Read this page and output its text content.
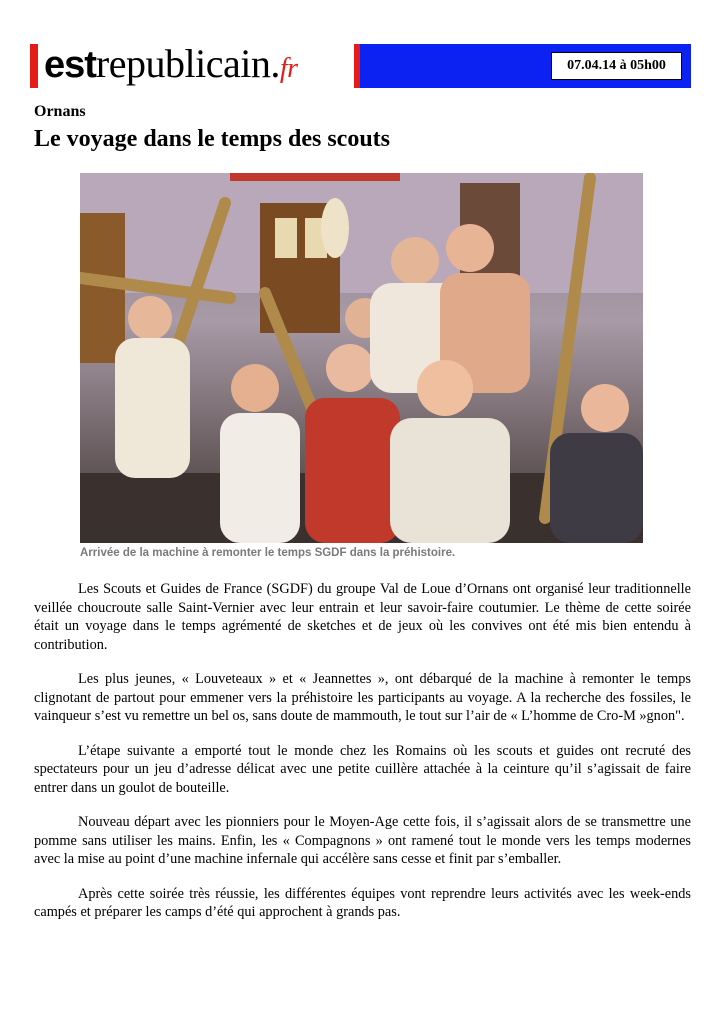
estrepublicain.fr	07.04.14 à 05h00
Ornans
Le voyage dans le temps des scouts
Arrivée de la machine à remonter le temps SGDF dans la préhistoire.

Les Scouts et Guides de France (SGDF) du groupe Val de Loue d’Ornans ont organisé leur traditionnelle veillée choucroute salle Saint-Vernier avec leur entrain et leur savoir-faire coutumier. Le thème de cette soirée était un voyage dans le temps agrémenté de sketches et de jeux où les convives ont été mis bien entendu à contribution.

Les plus jeunes, « Louveteaux » et « Jeannettes », ont débarqué de la machine à remonter le temps clignotant de partout pour emmener vers la préhistoire les participants au voyage. A la recherche des fossiles, le vainqueur s’est vu remettre un bel os, sans doute de mammouth, le tout sur l’air de « L’homme de Cro-M »gnon".

L’étape suivante a emporté tout le monde chez les Romains où les scouts et guides ont recruté des spectateurs pour un jeu d’adresse délicat avec une petite cuillère attachée à la ceinture qu’il s’agissait de faire entrer dans un goulot de bouteille.

Nouveau départ avec les pionniers pour le Moyen-Age cette fois, il s’agissait alors de se transmettre une pomme sans utiliser les mains. Enfin, les « Compagnons » ont ramené tout le monde vers les temps modernes avec la mise au point d’une machine infernale qui accélère sans cesse et finit par s’emballer.

Après cette soirée très réussie, les différentes équipes vont reprendre leurs activités avec les week-ends campés et préparer les camps d’été qui approchent à grands pas.
